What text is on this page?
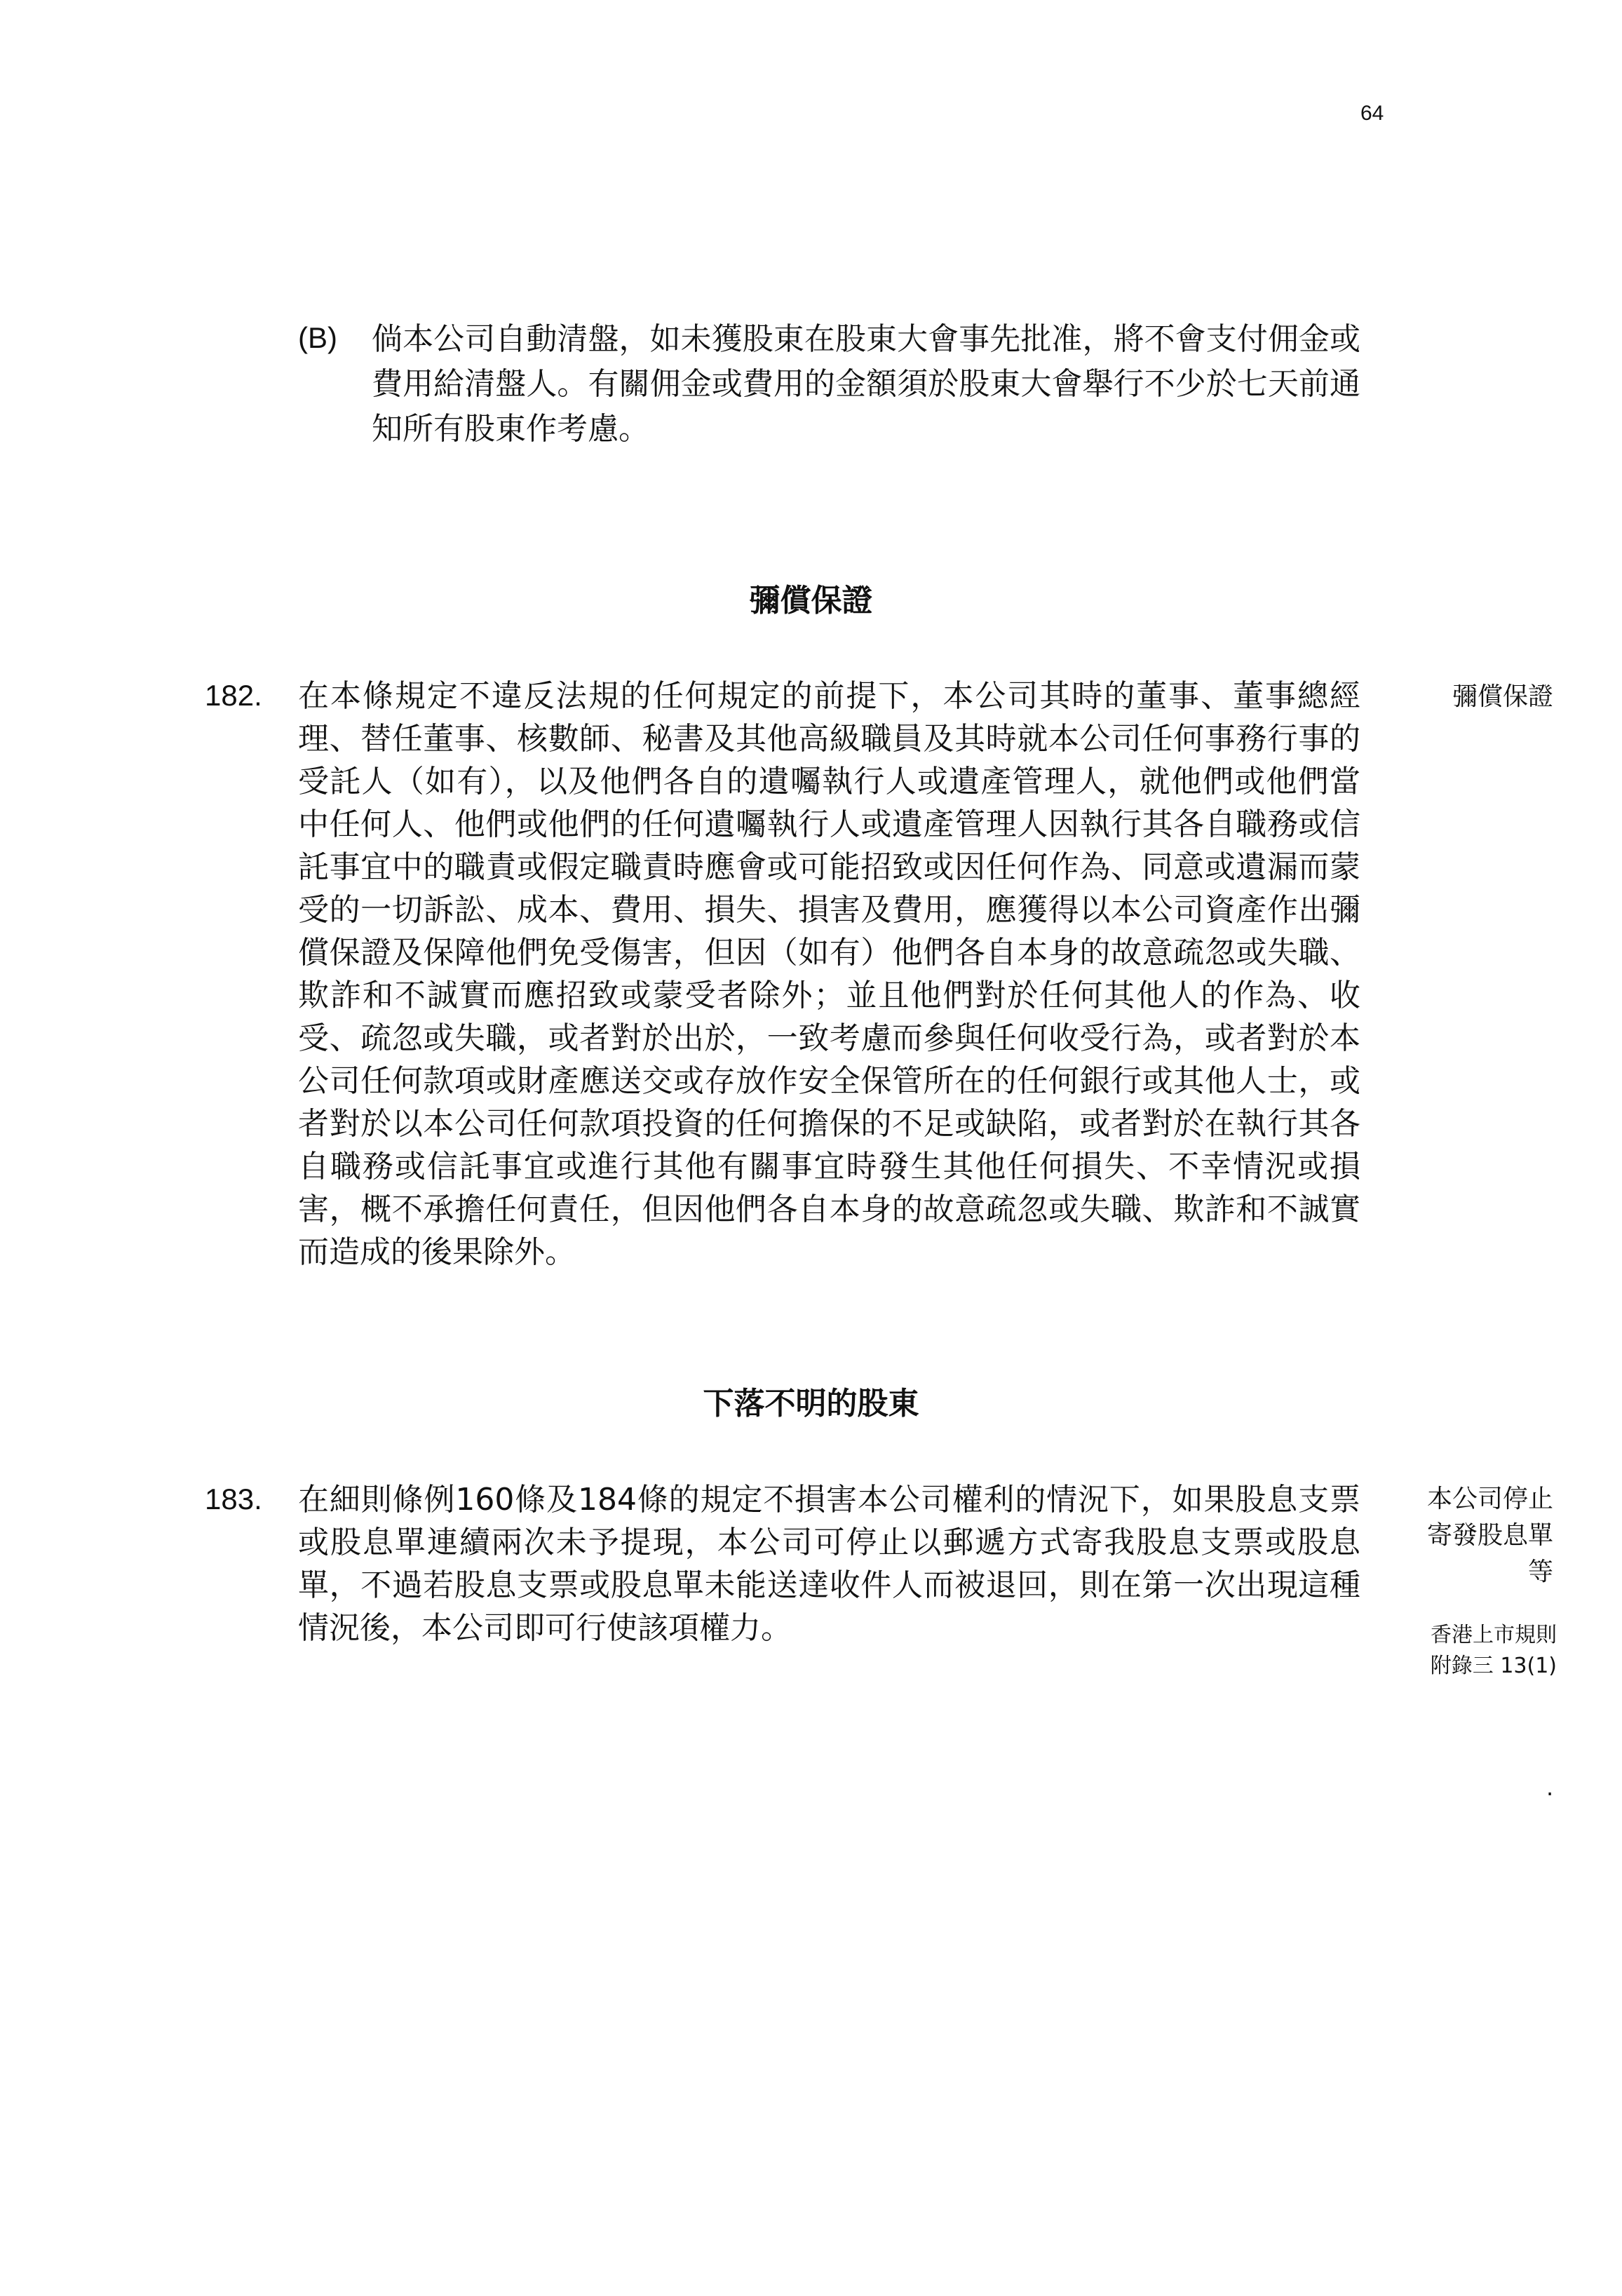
64
(B) 倘本公司自動清盤，如未獲股東在股東大會事先批准，將不會支付佣金或費用給清盤人。有關佣金或費用的金額須於股東大會舉行不少於七天前通知所有股東作考慮。
彌償保證
182. 在本條規定不違反法規的任何規定的前提下，本公司其時的董事、董事總經理、替任董事、核數師、秘書及其他高級職員及其時就本公司任何事務行事的受託人（如有），以及他們各自的遺囑執行人或遺產管理人，就他們或他們當中任何人、他們或他們的任何遺囑執行人或遺產管理人因執行其各自職務或信託事宜中的職責或假定職責時應會或可能招致或因任何作為、同意或遺漏而蒙受的一切訴訟、成本、費用、損失、損害及費用，應獲得以本公司資產作出彌償保證及保障他們免受傷害，但因（如有）他們各自本身的故意疏忽或失職、欺詐和不誠實而應招致或蒙受者除外；並且他們對於任何其他人的作為、收受、疏忽或失職，或者對於出於，一致考慮而參與任何收受行為，或者對於本公司任何款項或財產應送交或存放作安全保管所在的任何銀行或其他人士，或者對於以本公司任何款項投資的任何擔保的不足或缺陷，或者對於在執行其各自職務或信託事宜或進行其他有關事宜時發生其他任何損失、不幸情況或損害，概不承擔任何責任，但因他們各自本身的故意疏忽或失職、欺詐和不誠實而造成的後果除外。
彌償保證
下落不明的股東
183. 在細則條例160條及184條的規定不損害本公司權利的情況下，如果股息支票或股息單連續兩次未予提現，本公司可停止以郵遞方式寄我股息支票或股息單，不過若股息支票或股息單未能送達收件人而被退回，則在第一次出現這種情況後，本公司即可行使該項權力。
本公司停止
寄發股息單
等
香港上市規則
附錄三 13(1)
.
